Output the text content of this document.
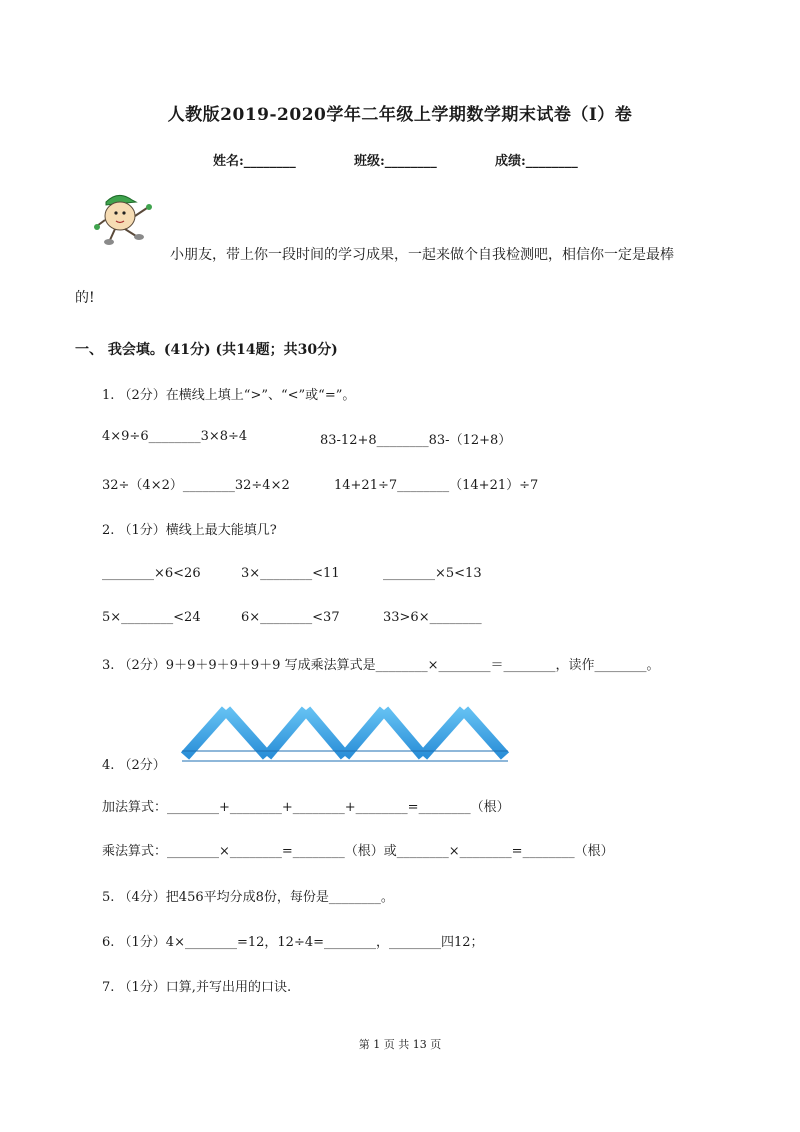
人教版2019-2020学年二年级上学期数学期末试卷（I）卷
姓名:________	班级:________	成绩:________
小朋友，带上你一段时间的学习成果，一起来做个自我检测吧，相信你一定是最棒
的!
一、 我会填。(41分) (共14题；共30分)
1. （2分）在横线上填上“>”、“<”或“=”。
4×9÷6________3×8÷4	83-12+8________83-（12+8）
32÷（4×2）________32÷4×2	14+21÷7________（14+21）÷7
2. （1分）横线上最大能填几?
________×6<26	3×________<11	________×5<13
5×________<24	6×________<37	33>6×________
3. （2分）9＋9＋9＋9＋9＋9 写成乘法算式是________×________＝________，读作________。
4. （2分）
加法算式：________+________+________+________=________（根）
乘法算式：________×________=________（根）或________×________=________（根）
5. （4分）把456平均分成8份，每份是________。
6. （1分）4×________=12，12÷4=________，________四12；
7. （1分）口算,并写出用的口诀.
第 1 页 共 13 页
